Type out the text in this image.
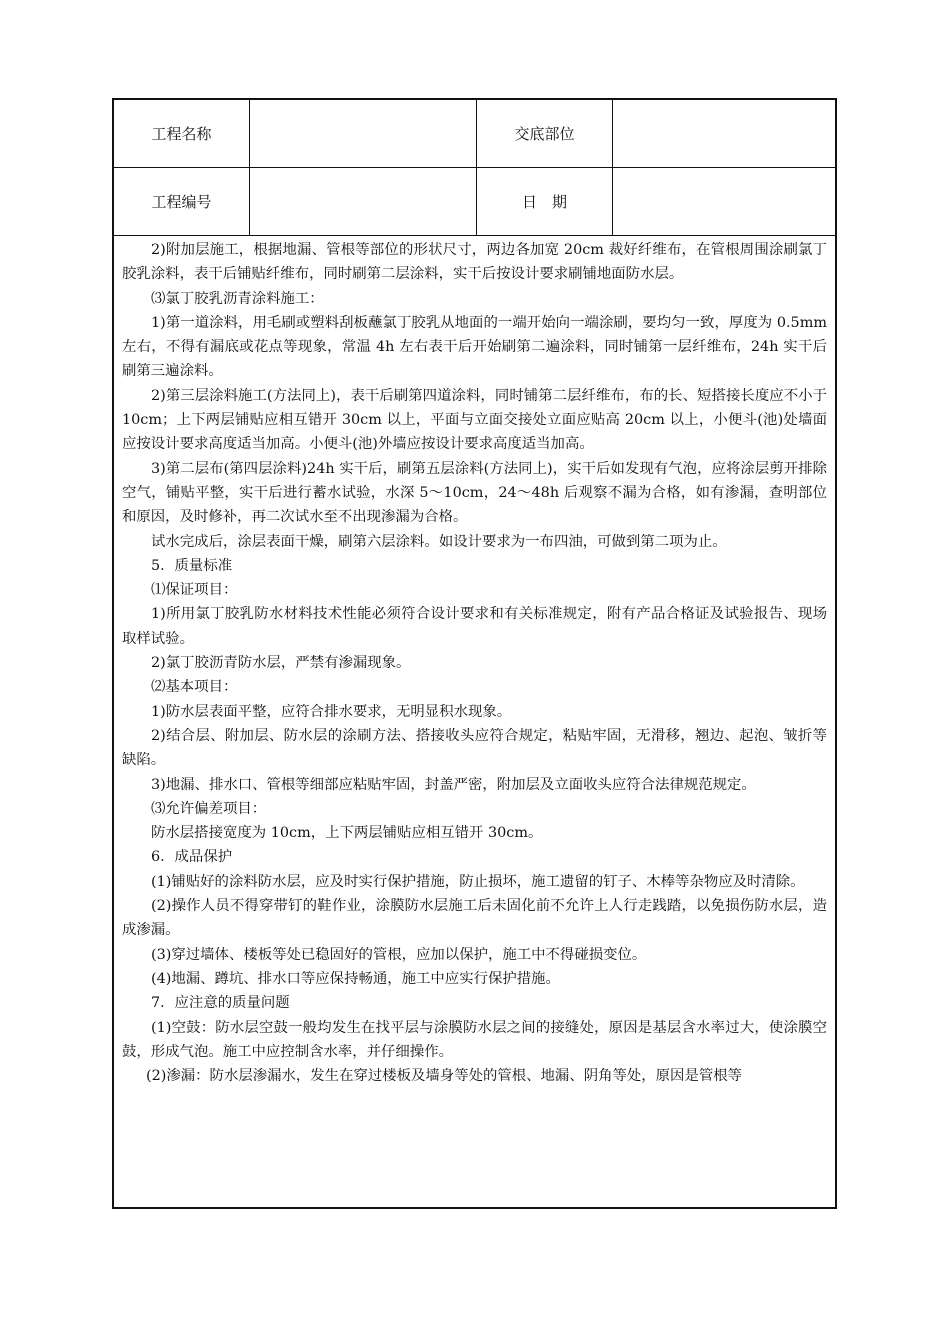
工程名称	交底部位
工程编号	日　期

2)附加层施工，根据地漏、管根等部位的形状尺寸，两边各加宽 20cm 裁好纤维布，在管根周围涂刷氯丁胶乳涂料，表干后铺贴纤维布，同时刷第二层涂料，实干后按设计要求刷铺地面防水层。

⑶氯丁胶乳沥青涂料施工：

1)第一道涂料，用毛刷或塑料刮板蘸氯丁胶乳从地面的一端开始向一端涂刷，要均匀一致，厚度为 0.5mm 左右，不得有漏底或花点等现象，常温 4h 左右表干后开始刷第二遍涂料，同时铺第一层纤维布，24h 实干后刷第三遍涂料。

2)第三层涂料施工(方法同上)，表干后刷第四道涂料，同时铺第二层纤维布，布的长、短搭接长度应不小于 10cm；上下两层铺贴应相互错开 30cm 以上，平面与立面交接处立面应贴高 20cm 以上，小便斗(池)处墙面应按设计要求高度适当加高。小便斗(池)外墙应按设计要求高度适当加高。

3)第二层布(第四层涂料)24h 实干后，刷第五层涂料(方法同上)，实干后如发现有气泡，应将涂层剪开排除空气，铺贴平整，实干后进行蓄水试验，水深 5～10cm，24～48h 后观察不漏为合格，如有渗漏，查明部位和原因，及时修补，再二次试水至不出现渗漏为合格。

试水完成后，涂层表面干燥，刷第六层涂料。如设计要求为一布四油，可做到第二项为止。

5．质量标准

⑴保证项目：

1)所用氯丁胶乳防水材料技术性能必须符合设计要求和有关标准规定，附有产品合格证及试验报告、现场取样试验。

2)氯丁胶沥青防水层，严禁有渗漏现象。

⑵基本项目：

1)防水层表面平整，应符合排水要求，无明显积水现象。

2)结合层、附加层、防水层的涂刷方法、搭接收头应符合规定，粘贴牢固，无滑移，翘边、起泡、皱折等缺陷。

3)地漏、排水口、管根等细部应粘贴牢固，封盖严密，附加层及立面收头应符合法律规范规定。

⑶允许偏差项目：

防水层搭接宽度为 10cm，上下两层铺贴应相互错开 30cm。

6．成品保护

(1)铺贴好的涂料防水层，应及时实行保护措施，防止损坏，施工遗留的钉子、木棒等杂物应及时清除。

(2)操作人员不得穿带钉的鞋作业，涂膜防水层施工后未固化前不允许上人行走践踏，以免损伤防水层，造成渗漏。

(3)穿过墙体、楼板等处已稳固好的管根，应加以保护，施工中不得碰损变位。

(4)地漏、蹲坑、排水口等应保持畅通，施工中应实行保护措施。

7．应注意的质量问题

(1)空鼓：防水层空鼓一般均发生在找平层与涂膜防水层之间的接缝处，原因是基层含水率过大，使涂膜空鼓，形成气泡。施工中应控制含水率，并仔细操作。

(2)渗漏：防水层渗漏水，发生在穿过楼板及墙身等处的管根、地漏、阴角等处，原因是管根等
